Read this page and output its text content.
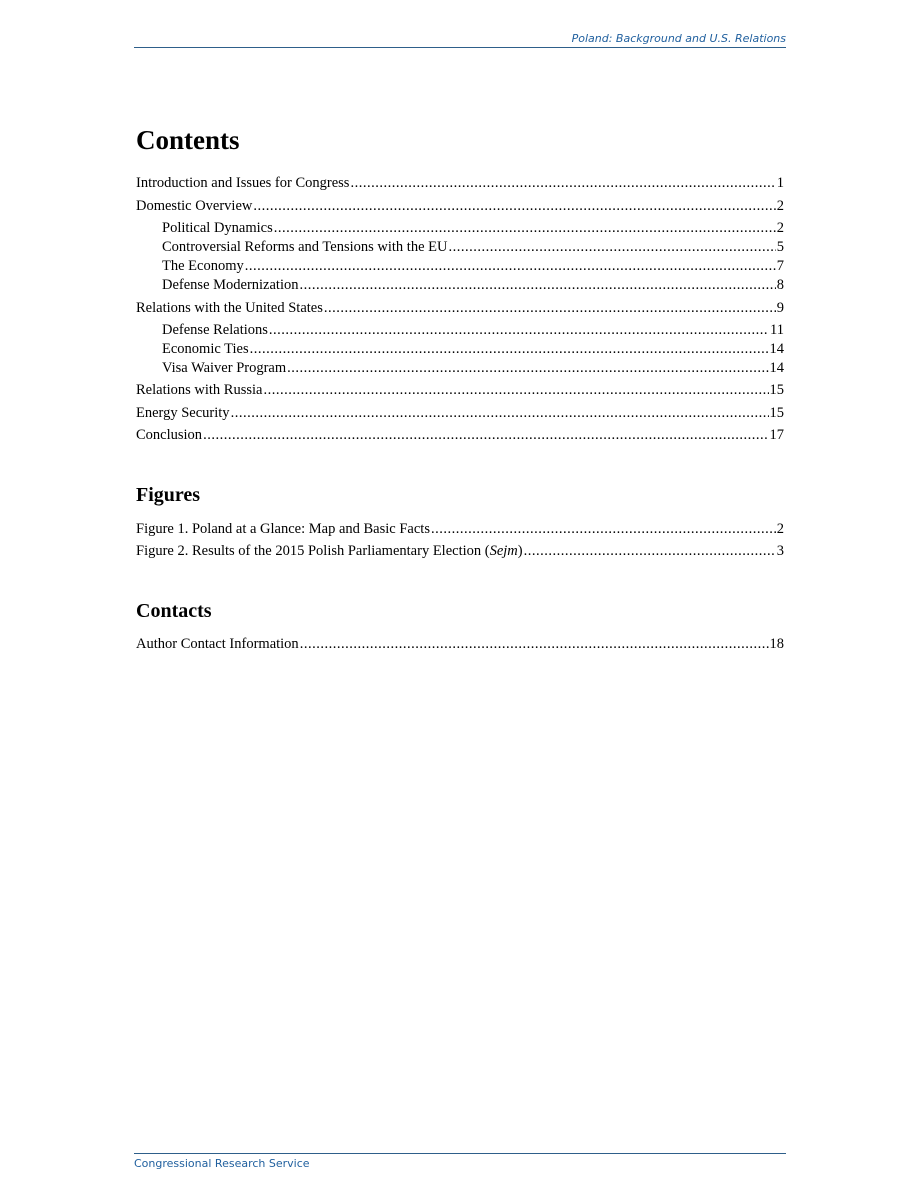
Poland: Background and U.S. Relations
Contents
Introduction and Issues for Congress .....	1
Domestic Overview .....	2
Political Dynamics .....	2
Controversial Reforms and Tensions with the EU .....	5
The Economy .....	7
Defense Modernization .....	8
Relations with the United States .....	9
Defense Relations .....	11
Economic Ties .....	14
Visa Waiver Program .....	14
Relations with Russia .....	15
Energy Security .....	15
Conclusion .....	17
Figures
Figure 1. Poland at a Glance: Map and Basic Facts .....	2
Figure 2. Results of the 2015 Polish Parliamentary Election (Sejm) .....	3
Contacts
Author Contact Information .....	18
Congressional Research Service
